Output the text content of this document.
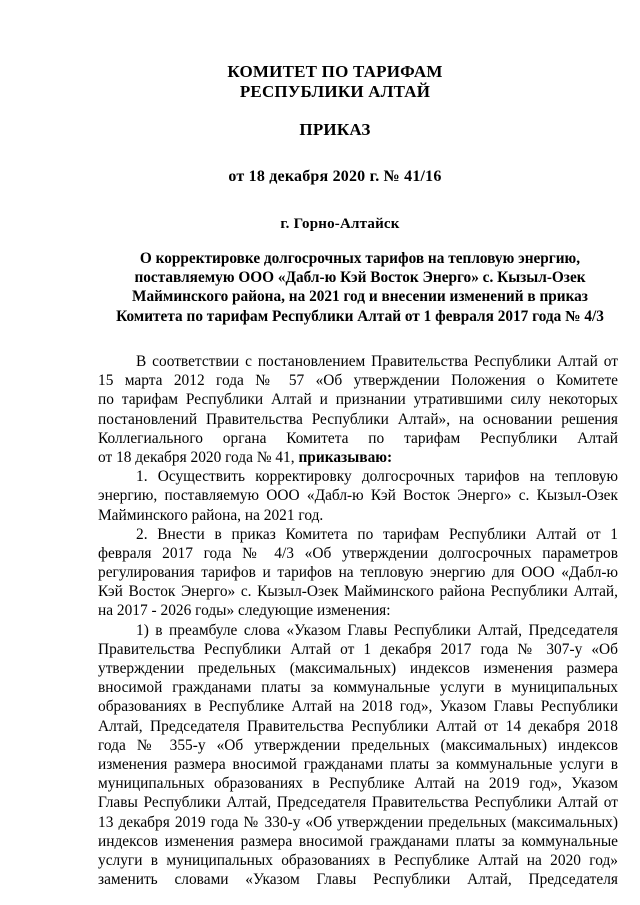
КОМИТЕТ ПО ТАРИФАМ
РЕСПУБЛИКИ АЛТАЙ
ПРИКАЗ
от 18 декабря 2020 г. № 41/16
г. Горно-Алтайск
О корректировке долгосрочных тарифов на тепловую энергию,
поставляемую ООО «Дабл-ю Кэй Восток Энерго» с. Кызыл-Озек
Майминского района, на 2021 год и внесении изменений в приказ
Комитета по тарифам Республики Алтай от 1 февраля 2017 года № 4/3
В соответствии с постановлением Правительства Республики Алтай от
15 марта 2012 года № 57 «Об утверждении Положения о Комитете
по тарифам Республики Алтай и признании утратившими силу некоторых
постановлений Правительства Республики Алтай», на основании решения
Коллегиального органа Комитета по тарифам Республики Алтай
от 18 декабря 2020 года № 41, приказываю:
1. Осуществить корректировку долгосрочных тарифов на тепловую
энергию, поставляемую ООО «Дабл-ю Кэй Восток Энерго» с. Кызыл-Озек
Майминского района, на 2021 год.
2. Внести в приказ Комитета по тарифам Республики Алтай от 1
февраля 2017 года № 4/3 «Об утверждении долгосрочных параметров
регулирования тарифов и тарифов на тепловую энергию для ООО «Дабл-ю
Кэй Восток Энерго» с. Кызыл-Озек Майминского района Республики Алтай,
на 2017 - 2026 годы» следующие изменения:
1) в преамбуле слова «Указом Главы Республики Алтай, Председателя
Правительства Республики Алтай от 1 декабря 2017 года № 307-у «Об
утверждении предельных (максимальных) индексов изменения размера
вносимой гражданами платы за коммунальные услуги в муниципальных
образованиях в Республике Алтай на 2018 год», Указом Главы Республики
Алтай, Председателя Правительства Республики Алтай от 14 декабря 2018
года № 355-у «Об утверждении предельных (максимальных) индексов
изменения размера вносимой гражданами платы за коммунальные услуги в
муниципальных образованиях в Республике Алтай на 2019 год», Указом
Главы Республики Алтай, Председателя Правительства Республики Алтай от
13 декабря 2019 года № 330-у «Об утверждении предельных (максимальных)
индексов изменения размера вносимой гражданами платы за коммунальные
услуги в муниципальных образованиях в Республике Алтай на 2020 год»
заменить словами «Указом Главы Республики Алтай, Председателя
